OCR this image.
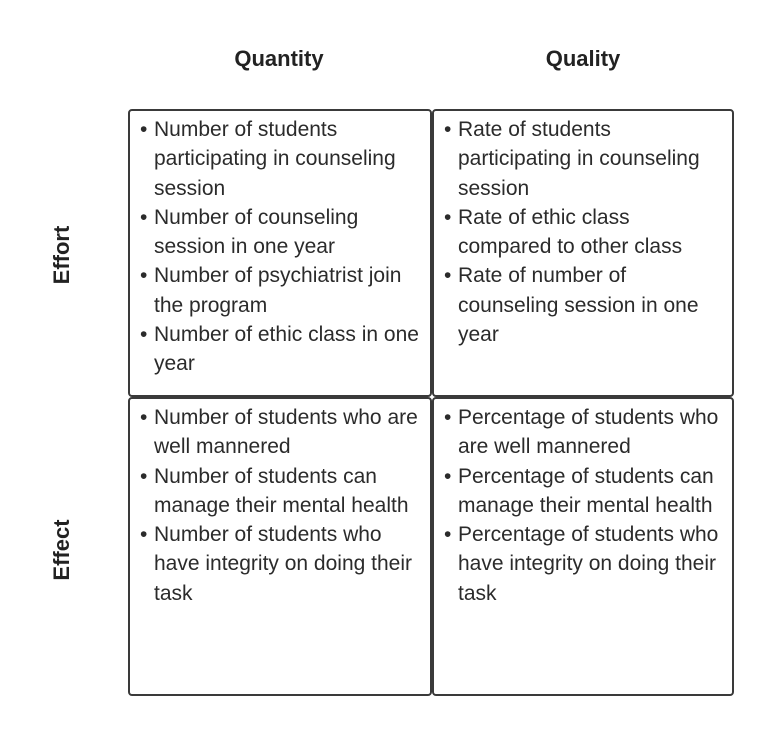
Quantity	Quality
Effort
Effect
• Number of students participating in counseling session
• Number of counseling session in one year
• Number of psychiatrist join the program
• Number of ethic class in one year
• Rate of students participating in counseling session
• Rate of ethic class compared to other class
• Rate of number of counseling session in one year
• Number of students who are well mannered
• Number of students can manage their mental health
• Number of students who have integrity on doing their task
• Percentage of students who are well mannered
• Percentage of students can manage their mental health
• Percentage of students who have integrity on doing their task
